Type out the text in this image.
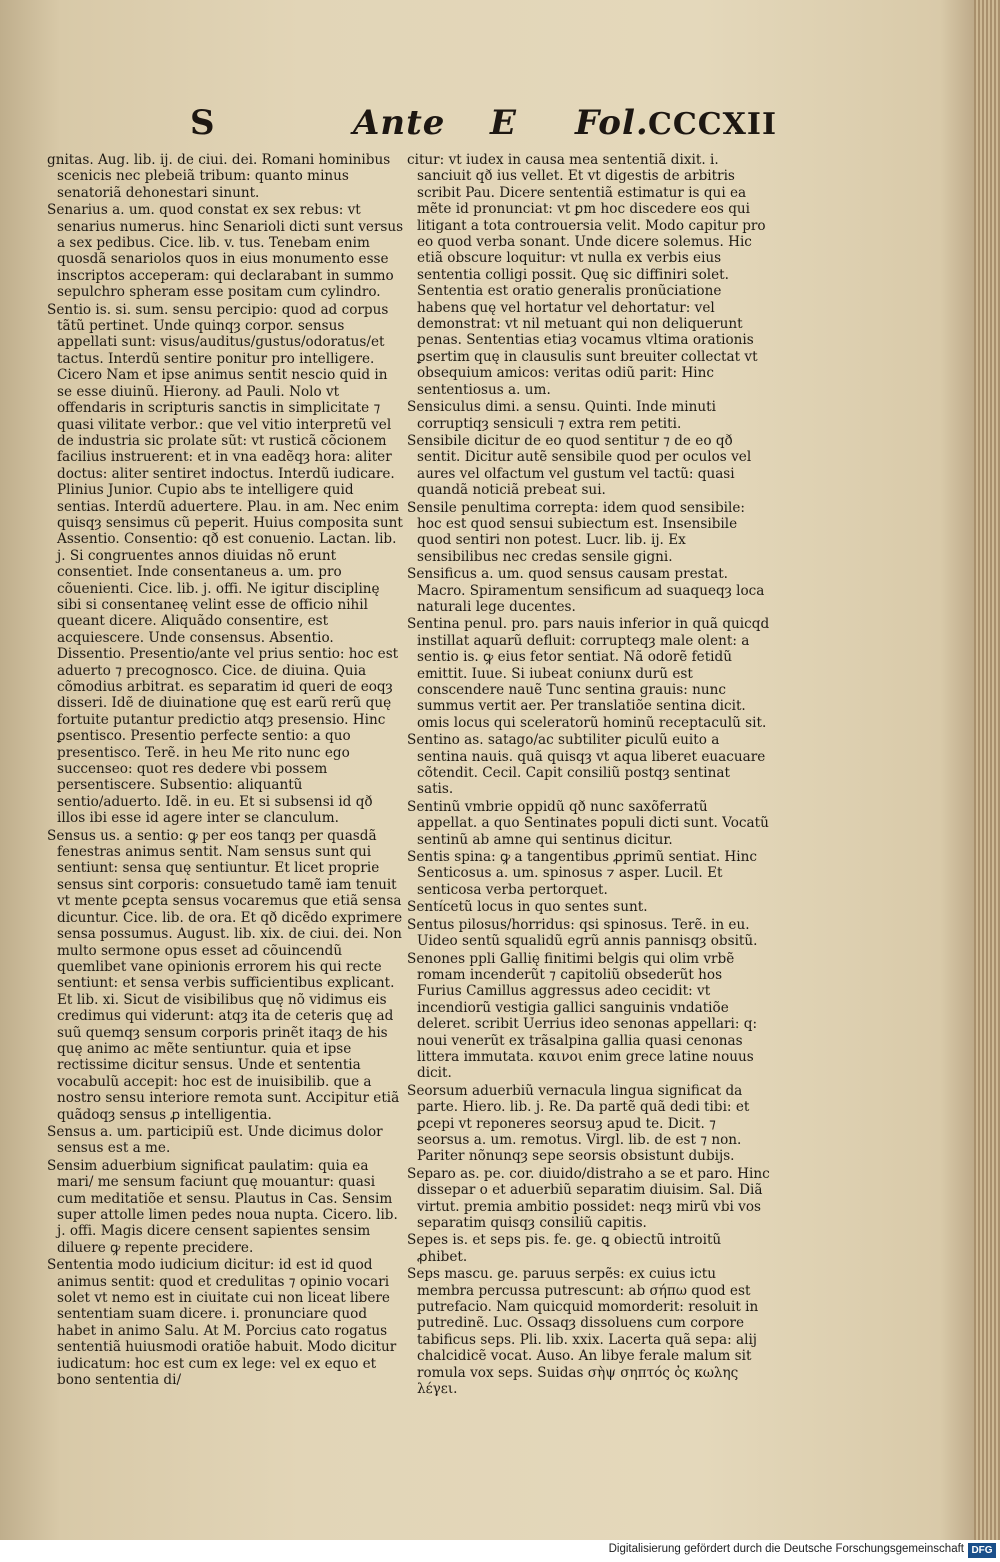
S	Ante E Fol. CCCXII

gnitas. Aug. lib. ij. de ciui. dei. Romani hominibus scenicis nec plebeiã tribum: quanto minus senatoriã dehonestari sinunt.

Senarius a. um. quod constat ex sex rebus: vt senarius numerus. hinc Senarioli dicti sunt versus a sex pedibus. Cice. lib. v. tus. Tenebam enim quosdã senariolos quos in eius monumento esse inscriptos acceperam: qui declarabant in summo sepulchro spheram esse positam cum cylindro.

Sentio is. si. sum. sensu percipio: quod ad corpus tãtũ pertinet. Unde quinqȝ corpor. sensus appellati sunt: visus/auditus/gustus/odoratus/et tactus. Interdũ sentire ponitur pro intelligere. Cicero Nam et ipse animus sentit nescio quid in se esse diuinũ. Hierony. ad Pauli. Nolo vt offendaris in scripturis sanctis in simplicitate ⁊ quasi vilitate verbor.: que vel vitio interpretũ vel de industria sic prolate sũt: vt rusticã cõcionem facilius instruerent: et in vna eadẽqȝ hora: aliter doctus: aliter sentiret indoctus. Interdũ iudicare. Plinius Junior. Cupio abs te intelligere quid sentias. Interdũ aduertere. Plau. in am. Nec enim quisqȝ sensimus cũ peperit. Huius composita sunt Assentio. Consentio: qð est conuenio. Lactan. lib. j. Si congruentes annos diuidas nõ erunt consentiet. Inde consentaneus a. um. pro cõuenienti. Cice. lib. j. offi. Ne igitur disciplinę sibi si consentaneę velint esse de officio nihil queant dicere. Aliquãdo consentire, est acquiescere. Unde consensus. Absentio. Dissentio. Presentio/ante vel prius sentio: hoc est aduerto ⁊ precognosco. Cice. de diuina. Quia cõmodius arbitrat. es separatim id queri de eoqȝ disseri. Idẽ de diuinatione quę est earũ rerũ quę fortuite putantur predictio atqȝ presensio. Hinc ꝑsentisco. Presentio perfecte sentio: a quo presentisco. Terẽ. in heu Me rito nunc ego succenseo: quot res dedere vbi possem persentiscere. Subsentio: aliquantũ sentio/aduerto. Idẽ. in eu. Et si subsensi id qð illos ibi esse id agere inter se clanculum.

Sensus us. a sentio: ꝙ per eos tanqȝ per quasdã fenestras animus sentit. Nam sensus sunt qui sentiunt: sensa quę sentiuntur. Et licet proprie sensus sint corporis: consuetudo tamẽ iam tenuit vt mente ꝑcepta sensus vocaremus que etiã sensa dicuntur. Cice. lib. de ora. Et qð dicẽdo exprimere sensa possumus. August. lib. xix. de ciui. dei. Non multo sermone opus esset ad cõuincendũ quemlibet vane opinionis errorem his qui recte sentiunt: et sensa verbis sufficientibus explicant. Et lib. xi. Sicut de visibilibus quę nõ vidimus eis credimus qui viderunt: atqȝ ita de ceteris quę ad suũ quemqȝ sensum corporis prinẽt itaqȝ de his quę animo ac mẽte sentiuntur. quia et ipse rectissime dicitur sensus. Unde et sententia vocabulũ accepit: hoc est de inuisibilib. que a nostro sensu interiore remota sunt. Accipitur etiã quãdoqȝ sensus ꝓ intelligentia.

Sensus a. um. participiũ est. Unde dicimus dolor sensus est a me.

Sensim aduerbium significat paulatim: quia ea mari/ me sensum faciunt quę mouantur: quasi cum meditatiõe et sensu. Plautus in Cas. Sensim super attolle limen pedes noua nupta. Cicero. lib. j. offi. Magis dicere censent sapientes sensim diluere ꝙ repente precidere.

Sententia modo iudicium dicitur: id est id quod animus sentit: quod et credulitas ⁊ opinio vocari solet vt nemo est in ciuitate cui non liceat libere sententiam suam dicere. i. pronunciare quod habet in animo Salu. At M. Porcius cato rogatus sententiã huiusmodi oratiõe habuit. Modo dicitur iudicatum: hoc est cum ex lege: vel ex equo et bono sententia di/

citur: vt iudex in causa mea sententiã dixit. i. sanciuit qð ius vellet. Et vt digestis de arbitris scribit Pau. Dicere sententiã estimatur is qui ea mẽte id pronunciat: vt ꝑm hoc discedere eos qui litigant a tota controuersia velit. Modo capitur pro eo quod verba sonant. Unde dicere solemus. Hic etiã obscure loquitur: vt nulla ex verbis eius sententia colligi possit. Quę sic diffiniri solet. Sententia est oratio generalis pronũciatione habens quę vel hortatur vel dehortatur: vel demonstrat: vt nil metuant qui non deliquerunt penas. Sententias etiaȝ vocamus vltima orationis ꝑsertim quę in clausulis sunt breuiter collectat vt obsequium amicos: veritas odiũ parit: Hinc sententiosus a. um.

Sensiculus dimi. a sensu. Quinti. Inde minuti corruptiqȝ sensiculi ⁊ extra rem petiti.

Sensibile dicitur de eo quod sentitur ⁊ de eo qð sentit. Dicitur autẽ sensibile quod per oculos vel aures vel olfactum vel gustum vel tactũ: quasi quandã noticiã prebeat sui.

Sensile penultima correpta: idem quod sensibile: hoc est quod sensui subiectum est. Insensibile quod sentiri non potest. Lucr. lib. ij. Ex sensibilibus nec credas sensile gigni.

Sensificus a. um. quod sensus causam prestat. Macro. Spiramentum sensificum ad suaqueqȝ loca naturali lege ducentes.

Sentina penul. pro. pars nauis inferior in quã quicqd instillat aquarũ defluit: corrupteqȝ male olent: a sentio is. ꝙ eius fetor sentiat. Nã odorẽ fetidũ emittit. Iuue. Si iubeat coniunx durũ est conscendere nauẽ Tunc sentina grauis: nunc summus vertit aer. Per translatiõe sentina dicit. omis locus qui sceleratorũ hominũ receptaculũ sit.

Sentino as. satago/ac subtiliter ꝑiculũ euito a sentina nauis. quã quisqȝ vt aqua liberet euacuare cõtendit. Cecil. Capit consiliũ postqȝ sentinat satis.

Sentinũ vmbrie oppidũ qð nunc saxõferratũ appellat. a quo Sentinates populi dicti sunt. Vocatũ sentinũ ab amne qui sentinus dicitur.

Sentis spina: ꝙ a tangentibus ꝓprimũ sentiat. Hinc Senticosus a. um. spinosus ⁊ asper. Lucil. Et senticosa verba pertorquet.

Sentícetũ locus in quo sentes sunt.

Sentus pilosus/horridus: qsi spinosus. Terẽ. in eu. Uideo sentũ squalidũ egrũ annis pannisqȝ obsitũ.

Senones ppli Gallię finitimi belgis qui olim vrbẽ romam incenderũt ⁊ capitoliũ obsederũt hos Furius Camillus aggressus adeo cecidit: vt incendiorũ vestigia gallici sanguinis vndatiõe deleret. scribit Uerrius ideo senonas appellari: q: noui venerũt ex trãsalpina gallia quasi cenonas littera immutata. καινοι enim grece latine nouus dicit.

Seorsum aduerbiũ vernacula lingua significat da parte. Hiero. lib. j. Re. Da partẽ quã dedi tibi: et ꝑcepi vt reponeres seorsuȝ apud te. Dicit. ⁊ seorsus a. um. remotus. Virgl. lib. de est ⁊ non. Pariter nõnunqȝ sepe seorsis obsistunt dubijs.

Separo as. pe. cor. diuido/distraho a se et paro. Hinc dissepar o et aduerbiũ separatim diuisim. Sal. Diã virtut. premia ambitio possidet: neqȝ mirũ vbi vos separatim quisqȝ consiliũ capitis.

Sepes is. et seps pis. fe. ge. ꝗ obiectũ introitũ ꝓhibet.

Seps mascu. ge. paruus serpẽs: ex cuius ictu membra percussa putrescunt: ab σήπω quod est putrefacio. Nam quicquid momorderit: resoluit in putredinẽ. Luc. Ossaqȝ dissoluens cum corpore tabificus seps. Pli. lib. xxix. Lacerta quã sepa: alij chalcidicẽ vocat. Auso. An libye ferale malum sit romula vox seps. Suidas σὴψ σηπτός ὀς κωλης λέγει.

Digitalisierung gefördert durch die Deutsche Forschungsgemeinschaft DFG
